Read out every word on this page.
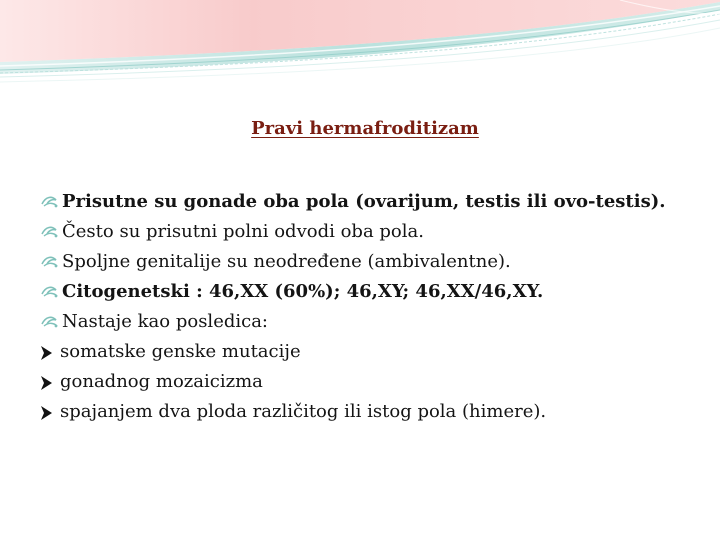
Pravi hermafroditizam
Prisutne su gonade oba pola (ovarijum, testis ili ovo-testis).
Često su prisutni polni odvodi oba pola.
Spoljne genitalije su neodređene (ambivalentne).
Citogenetski : 46,XX (60%); 46,XY; 46,XX/46,XY.
Nastaje kao posledica:
somatske genske mutacije
gonadnog mozaicizma
spajanjem dva ploda različitog ili istog pola (himere).
